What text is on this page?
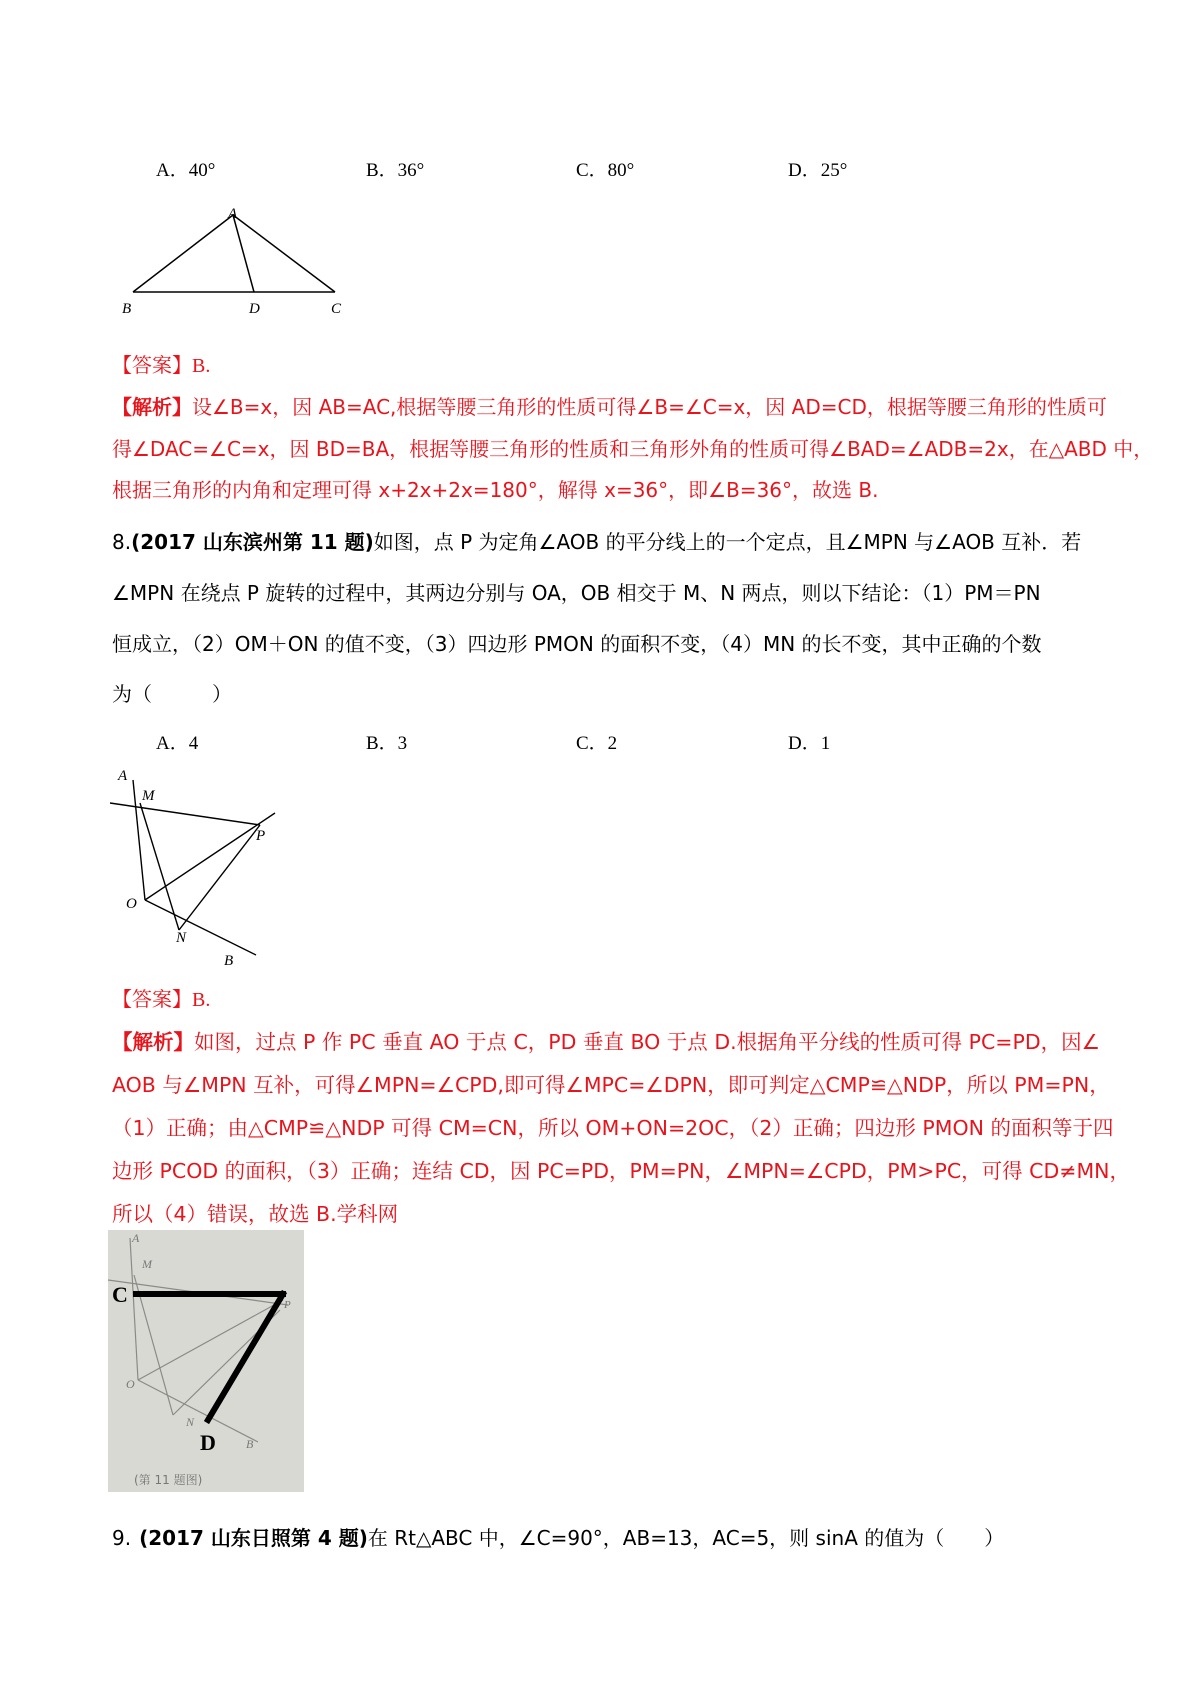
A．40°	B．36°	C．80°	D．25°
A
B	D	C
【答案】B.
【解析】设∠B=x，因 AB=AC,根据等腰三角形的性质可得∠B=∠C=x，因 AD=CD，根据等腰三角形的性质可
得∠DAC=∠C=x，因 BD=BA，根据等腰三角形的性质和三角形外角的性质可得∠BAD=∠ADB=2x，在△ABD 中，
根据三角形的内角和定理可得 x+2x+2x=180°，解得 x=36°，即∠B=36°，故选 B.
8.(2017 山东滨州第 11 题)如图，点 P 为定角∠AOB 的平分线上的一个定点，且∠MPN 与∠AOB 互补．若
∠MPN 在绕点 P 旋转的过程中，其两边分别与 OA，OB 相交于 M、N 两点，则以下结论：（1）PM＝PN
恒成立，（2）OM＋ON 的值不变，（3）四边形 PMON 的面积不变，（4）MN 的长不变，其中正确的个数
为（　　　）
A．4	B．3	C．2	D．1
A
M
P
O
N
B
【答案】B.
【解析】如图，过点 P 作 PC 垂直 AO 于点 C，PD 垂直 BO 于点 D.根据角平分线的性质可得 PC=PD，因∠
AOB 与∠MPN 互补，可得∠MPN=∠CPD,即可得∠MPC=∠DPN，即可判定△CMP≌△NDP，所以 PM=PN，
（1）正确；由△CMP≌△NDP 可得 CM=CN，所以 OM+ON=2OC，（2）正确；四边形 PMON 的面积等于四
边形 PCOD 的面积，（3）正确；连结 CD，因 PC=PD，PM=PN，∠MPN=∠CPD，PM>PC，可得 CD≠MN，
所以（4）错误，故选 B.学科网
A
M
C	P
O
N
D	B
(第 11 题图)
9. (2017 山东日照第 4 题)在 Rt△ABC 中，∠C=90°，AB=13，AC=5，则 sinA 的值为（　　）
